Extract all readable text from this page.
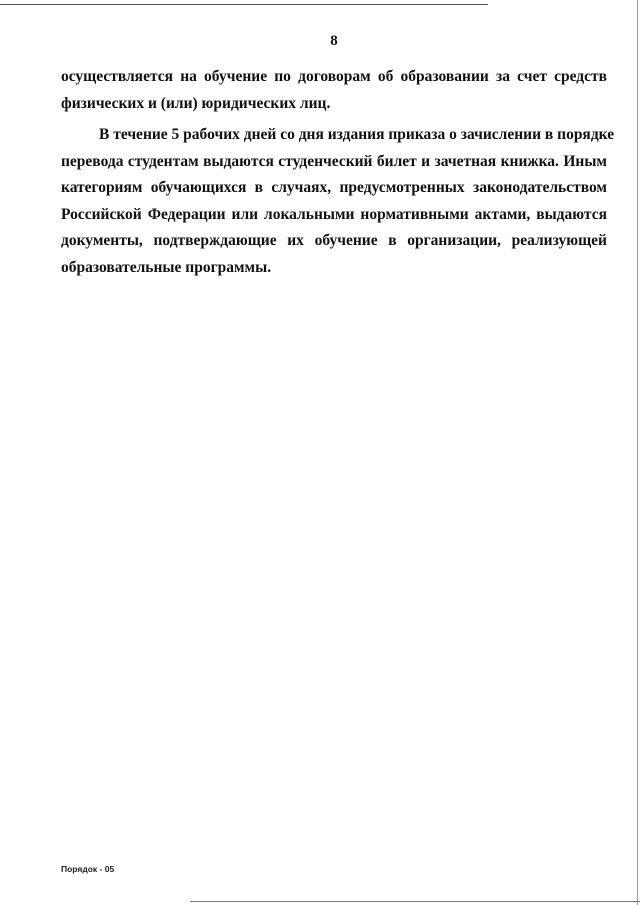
8

осуществляется на обучение по договорам об образовании за счет средств
физических и (или) юридических лиц.

В течение 5 рабочих дней со дня издания приказа о зачислении в порядке
перевода студентам выдаются студенческий билет и зачетная книжка. Иным
категориям обучающихся в случаях, предусмотренных законодательством
Российской Федерации или локальными нормативными актами, выдаются
документы, подтверждающие их обучение в организации, реализующей
образовательные программы.

Порядок - 05
